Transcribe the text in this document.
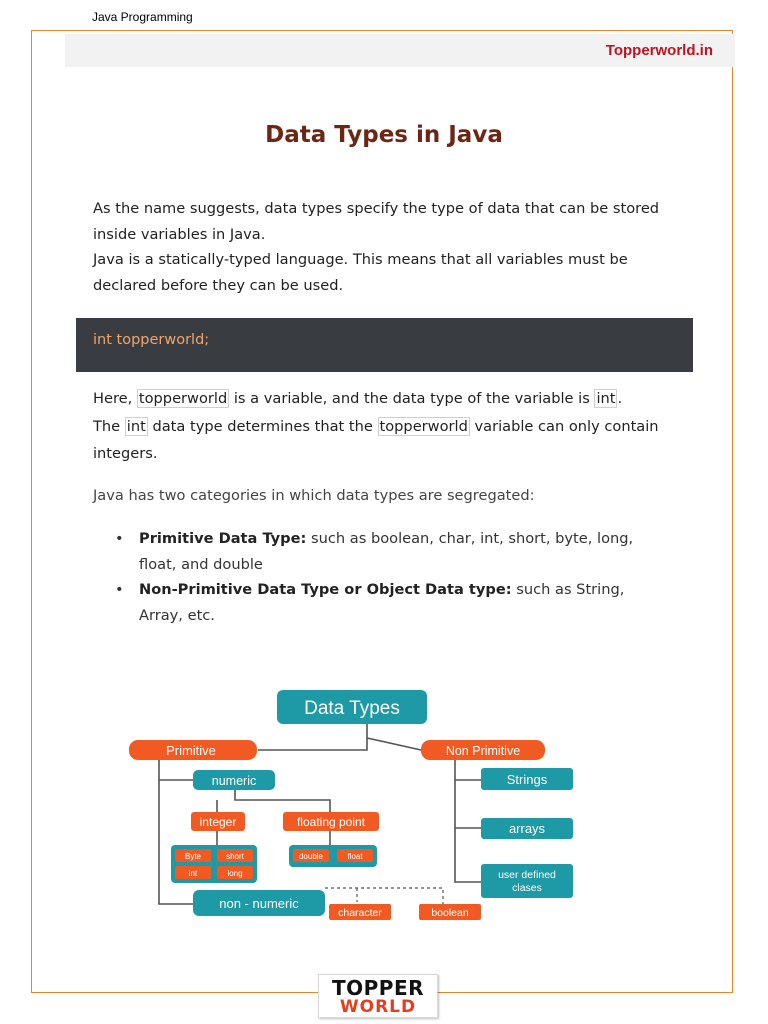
Java Programming
Topperworld.in
Data Types in Java
As the name suggests, data types specify the type of data that can be stored
inside variables in Java.
Java is a statically-typed language. This means that all variables must be
declared before they can be used.
int topperworld;
Here, topperworld is a variable, and the data type of the variable is int .
The int data type determines that the topperworld variable can only contain
integers.
Java has two categories in which data types are segregated:
• Primitive Data Type: such as boolean, char, int, short, byte, long,
float, and double
• Non-Primitive Data Type or Object Data type: such as String,
Array, etc.
Data Types
Primitive	Non Primitive
numeric
integer	floating point
Byte	short
int	long
double	float
non - numeric
character	boolean
Strings
arrays
user defined
clases
TOPPER
WORLD
